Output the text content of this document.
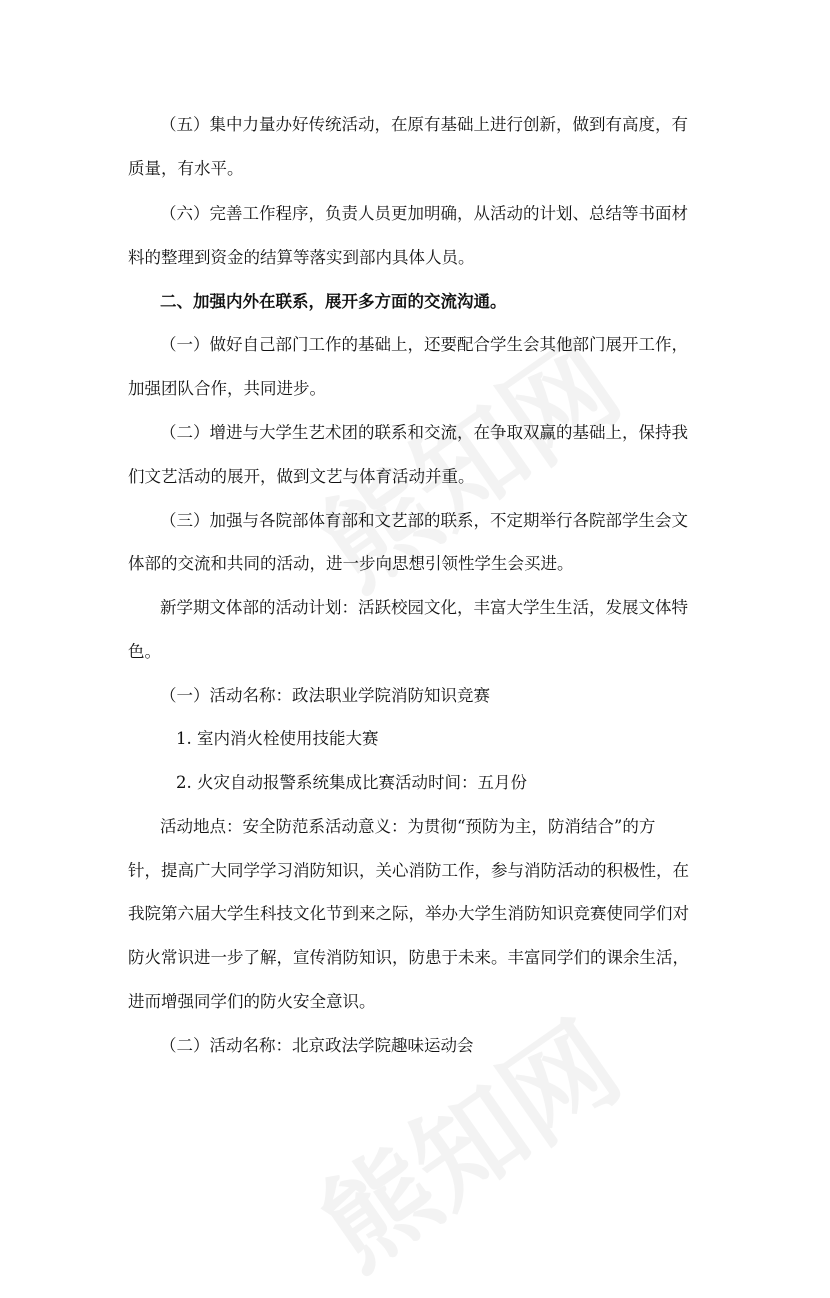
（五）集中力量办好传统活动，在原有基础上进行创新，做到有高度，有

质量，有水平。

（六）完善工作程序，负责人员更加明确，从活动的计划、总结等书面材

料的整理到资金的结算等落实到部内具体人员。

二、加强内外在联系，展开多方面的交流沟通。

（一）做好自己部门工作的基础上，还要配合学生会其他部门展开工作，

加强团队合作，共同进步。

（二）增进与大学生艺术团的联系和交流，在争取双赢的基础上，保持我

们文艺活动的展开，做到文艺与体育活动并重。

（三）加强与各院部体育部和文艺部的联系，不定期举行各院部学生会文

体部的交流和共同的活动，进一步向思想引领性学生会买进。

新学期文体部的活动计划：活跃校园文化，丰富大学生生活，发展文体特

色。

（一）活动名称：政法职业学院消防知识竞赛

1. 室内消火栓使用技能大赛

2. 火灾自动报警系统集成比赛活动时间：五月份

活动地点：安全防范系活动意义：为贯彻“预防为主，防消结合”的方

针，提高广大同学学习消防知识，关心消防工作，参与消防活动的积极性，在

我院第六届大学生科技文化节到来之际，举办大学生消防知识竞赛使同学们对

防火常识进一步了解，宣传消防知识，防患于未来。丰富同学们的课余生活，

进而增强同学们的防火安全意识。

（二）活动名称：北京政法学院趣味运动会
